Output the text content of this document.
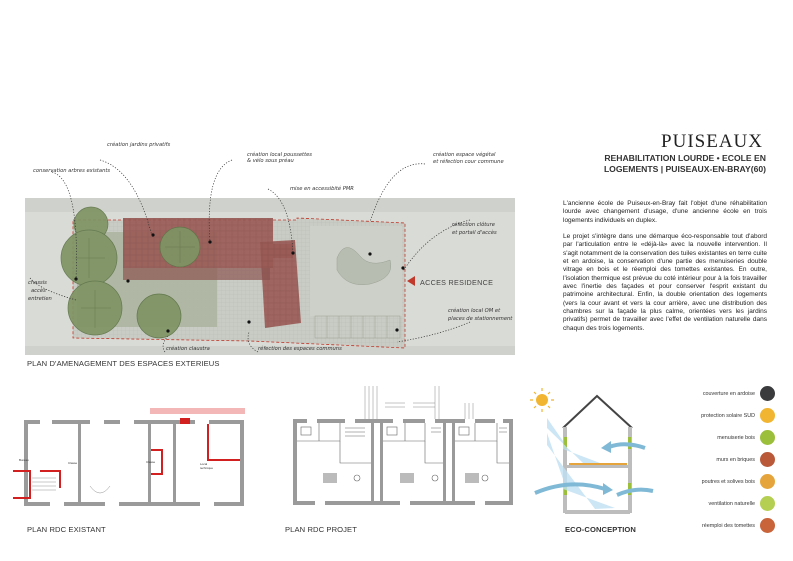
PUISEAUX
REHABILITATION LOURDE • ECOLE EN
LOGEMENTS | PUISEAUX-EN-BRAY(60)

L'ancienne école de Puiseux-en-Bray fait l'objet d'une réhabilitation lourde avec changement d'usage, d'une ancienne école en trois logements individuels en duplex.

Le projet s'intègre dans une démarque éco-responsable tout d'abord par l'articulation entre le «déjà-là» avec la nouvelle intervention. Il s'agit notamment de la conservation des tuiles existantes en terre cuite et en ardoise, la conservation d'une partie des menuiseries double vitrage en bois et le réemploi des tomettes existantes. En outre, l'isolation thermique est prévue du coté intérieur pour à la fois travailler avec l'inertie des façades et pour conserver l'esprit existant du patrimoine architectural. Enfin, la double orientation des logements (vers la cour avant et vers la cour arrière, avec une distribution des chambres sur la façade la plus calme, orientées vers les jardins privatifs) permet de travailler avec l'effet de ventilation naturelle dans chaqun des trois logements.

ACCES RESIDENCE
création jardins privatifs
conservation arbres existants
création local poussettes
& vélo sous préau
mise en accessibité PMR
création espace végétal
et réfection cour commune
réfection clôture
et portail d'accès
chassis
accès
entretien
création claustra	réfection des espaces communs
création local OM et
places de stationnement
PLAN D'AMENAGEMENT DES ESPACES EXTERIEUS
Bureau
Classe	Classe	Local technique
PLAN RDC EXISTANT	PLAN RDC PROJET
couverture en ardoise
protection solaire SUD
menuiserie bois
murs en briques
poutres et solives bois
ventilation naturelle
réemploi des tomettes
ECO-CONCEPTION
